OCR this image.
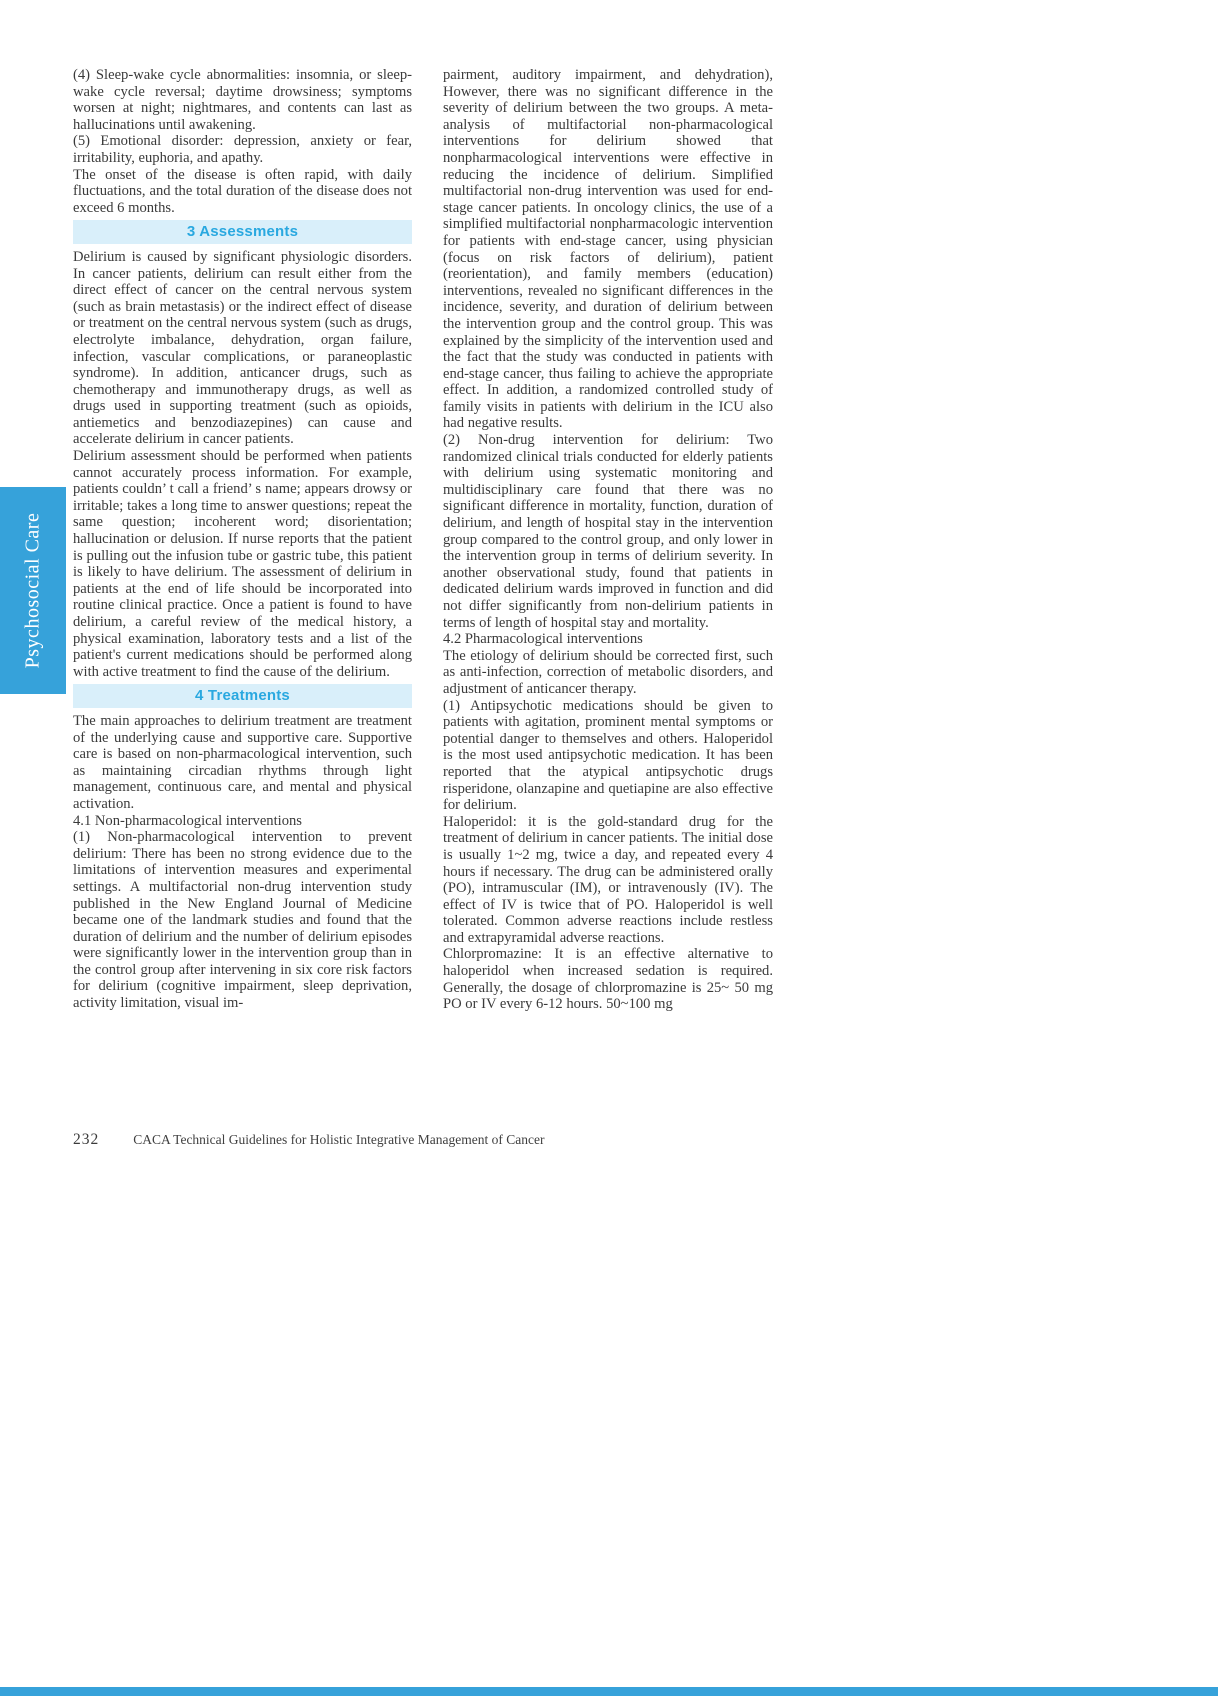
Psychosocial Care

(4) Sleep-wake cycle abnormalities: insomnia, or sleep-wake cycle reversal; daytime drowsiness; symptoms worsen at night; nightmares, and contents can last as hallucinations until awakening.

(5) Emotional disorder: depression, anxiety or fear, irritability, euphoria, and apathy.

The onset of the disease is often rapid, with daily fluctuations, and the total duration of the disease does not exceed 6 months.

3 Assessments

Delirium is caused by significant physiologic disorders. In cancer patients, delirium can result either from the direct effect of cancer on the central nervous system (such as brain metastasis) or the indirect effect of disease or treatment on the central nervous system (such as drugs, electrolyte imbalance, dehydration, organ failure, infection, vascular complications, or paraneoplastic syndrome). In addition, anticancer drugs, such as chemotherapy and immunotherapy drugs, as well as drugs used in supporting treatment (such as opioids, antiemetics and benzodiazepines) can cause and accelerate delirium in cancer patients.

Delirium assessment should be performed when patients cannot accurately process information. For example, patients couldn’ t call a friend’ s name; appears drowsy or irritable; takes a long time to answer questions; repeat the same question; incoherent word; disorientation; hallucination or delusion. If nurse reports that the patient is pulling out the infusion tube or gastric tube, this patient is likely to have delirium. The assessment of delirium in patients at the end of life should be incorporated into routine clinical practice. Once a patient is found to have delirium, a careful review of the medical history, a physical examination, laboratory tests and a list of the patient's current medications should be performed along with active treatment to find the cause of the delirium.

4 Treatments

The main approaches to delirium treatment are treatment of the underlying cause and supportive care. Supportive care is based on non-pharmacological intervention, such as maintaining circadian rhythms through light management, continuous care, and mental and physical activation.

4.1 Non-pharmacological interventions

(1) Non-pharmacological intervention to prevent delirium: There has been no strong evidence due to the limitations of intervention measures and experimental settings. A multifactorial non-drug intervention study published in the New England Journal of Medicine became one of the landmark studies and found that the duration of delirium and the number of delirium episodes were significantly lower in the intervention group than in the control group after intervening in six core risk factors for delirium (cognitive impairment, sleep deprivation, activity limitation, visual im-

pairment, auditory impairment, and dehydration), However, there was no significant difference in the severity of delirium between the two groups. A meta-analysis of multifactorial non-pharmacological interventions for delirium showed that nonpharmacological interventions were effective in reducing the incidence of delirium. Simplified multifactorial non-drug intervention was used for end-stage cancer patients. In oncology clinics, the use of a simplified multifactorial nonpharmacologic intervention for patients with end-stage cancer, using physician (focus on risk factors of delirium), patient (reorientation), and family members (education) interventions, revealed no significant differences in the incidence, severity, and duration of delirium between the intervention group and the control group. This was explained by the simplicity of the intervention used and the fact that the study was conducted in patients with end-stage cancer, thus failing to achieve the appropriate effect. In addition, a randomized controlled study of family visits in patients with delirium in the ICU also had negative results.

(2) Non-drug intervention for delirium: Two randomized clinical trials conducted for elderly patients with delirium using systematic monitoring and multidisciplinary care found that there was no significant difference in mortality, function, duration of delirium, and length of hospital stay in the intervention group compared to the control group, and only lower in the intervention group in terms of delirium severity. In another observational study, found that patients in dedicated delirium wards improved in function and did not differ significantly from non-delirium patients in terms of length of hospital stay and mortality.

4.2 Pharmacological interventions

The etiology of delirium should be corrected first, such as anti-infection, correction of metabolic disorders, and adjustment of anticancer therapy.

(1) Antipsychotic medications should be given to patients with agitation, prominent mental symptoms or potential danger to themselves and others. Haloperidol is the most used antipsychotic medication. It has been reported that the atypical antipsychotic drugs risperidone, olanzapine and quetiapine are also effective for delirium.

Haloperidol: it is the gold-standard drug for the treatment of delirium in cancer patients. The initial dose is usually 1~2 mg, twice a day, and repeated every 4 hours if necessary. The drug can be administered orally (PO), intramuscular (IM), or intravenously (IV). The effect of IV is twice that of PO. Haloperidol is well tolerated. Common adverse reactions include restless and extrapyramidal adverse reactions.

Chlorpromazine: It is an effective alternative to haloperidol when increased sedation is required. Generally, the dosage of chlorpromazine is 25~ 50 mg PO or IV every 6-12 hours. 50~100 mg

232	CACA Technical Guidelines for Holistic Integrative Management of Cancer
